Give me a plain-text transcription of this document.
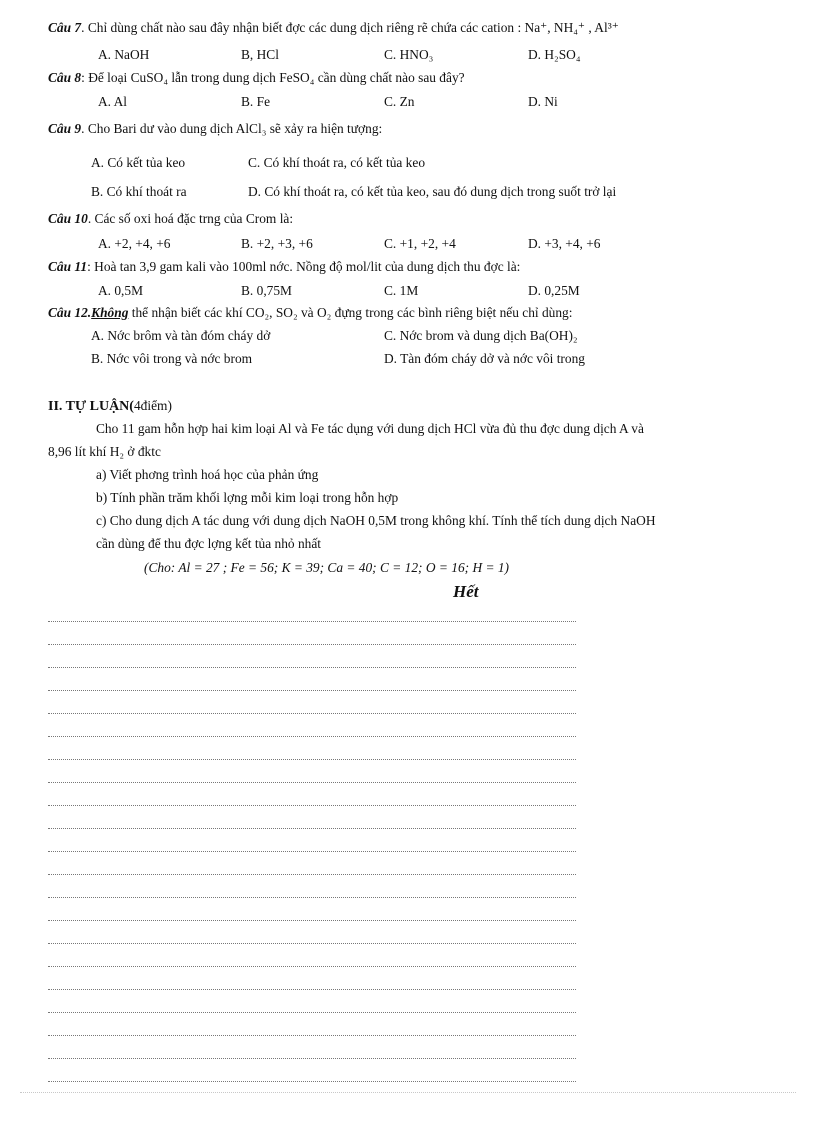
Câu 7. Chỉ dùng chất nào sau đây nhận biết đợc các dung dịch riêng rẽ chứa các cation : Na⁺, NH₄⁺ , Al³⁺
A. NaOH	B, HCl	C. HNO₃	D. H₂SO₄
Câu 8: Để loại CuSO₄ lẫn trong dung dịch FeSO₄ cần dùng chất nào sau đây?
A. Al	B. Fe	C. Zn	D. Ni
Câu 9. Cho Bari dư vào dung dịch AlCl₃ sẽ xảy ra hiện tượng:
A. Có kết tủa keo	C. Có khí thoát ra, có kết tủa keo
B. Có khí thoát ra	D. Có khí thoát ra, có kết tủa keo, sau đó dung dịch trong suốt trở lại
Câu 10. Các số oxi hoá đặc trng của Crom là:
A. +2, +4, +6	B. +2, +3, +6	C. +1, +2, +4	D. +3, +4, +6
Câu 11: Hoà tan 3,9 gam kali vào 100ml nớc. Nồng độ mol/lit của dung dịch thu đợc là:
A. 0,5M	B. 0,75M	C. 1M	D. 0,25M
Câu 12.Không thể nhận biết các khí CO₂, SO₂ và O₂ đựng trong các bình riêng biệt nếu chỉ dùng:
A. Nớc brôm và tàn đóm cháy dở	C. Nớc brom và dung dịch Ba(OH)₂
B. Nớc vôi trong và nớc brom	D. Tàn đóm cháy dở và nớc vôi trong
II. TỰ LUẬN(4điểm)
Cho 11 gam hỗn hợp hai kim loại Al và Fe tác dụng với dung dịch HCl vừa đủ thu đợc dung dịch A và
8,96 lít khí H₂ ở đktc
a) Viết phơng trình hoá học của phản ứng
b) Tính phần trăm khối lợng mỗi kim loại trong hỗn hợp
c) Cho dung dịch A tác dung với dung dịch NaOH 0,5M trong không khí. Tính thể tích dung dịch NaOH
cần dùng để thu đợc lợng kết tủa nhỏ nhất
(Cho: Al = 27 ; Fe = 56; K = 39; Ca = 40; C = 12; O = 16; H = 1)
Hết
